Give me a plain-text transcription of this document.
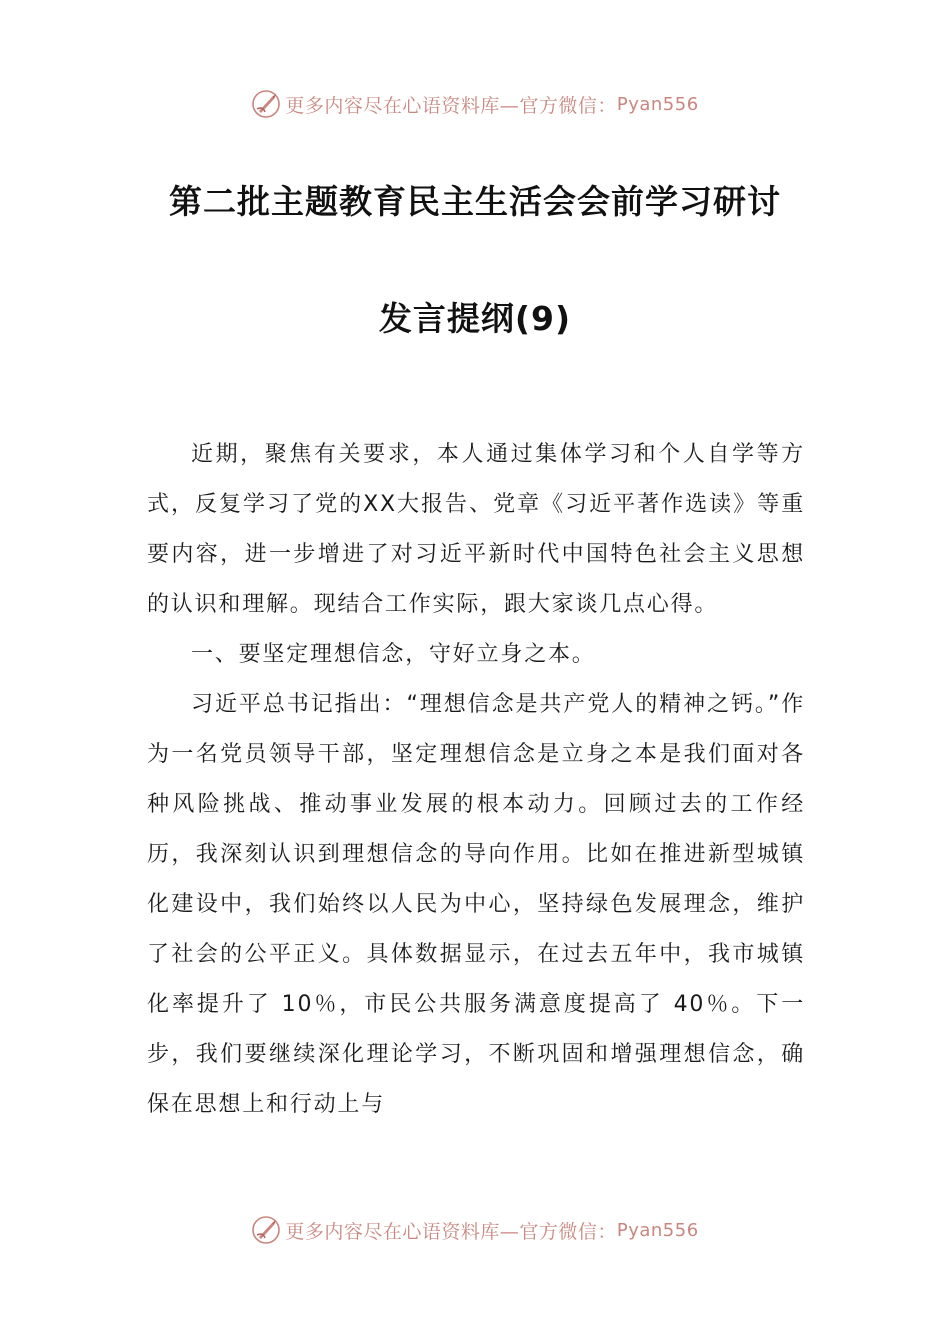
更多内容尽在心语资料库—官方微信： Pyan556
第二批主题教育民主生活会会前学习研讨
发言提纲(9)

近期，聚焦有关要求，本人通过集体学习和个人自学等方式，反复学习了党的XX大报告、党章《习近平著作选读》等重要内容，进一步增进了对习近平新时代中国特色社会主义思想的认识和理解。现结合工作实际，跟大家谈几点心得。

一、要坚定理想信念，守好立身之本。

习近平总书记指出：“理想信念是共产党人的精神之钙。”作为一名党员领导干部，坚定理想信念是立身之本是我们面对各种风险挑战、推动事业发展的根本动力。回顾过去的工作经历，我深刻认识到理想信念的导向作用。比如在推进新型城镇化建设中，我们始终以人民为中心，坚持绿色发展理念，维护了社会的公平正义。具体数据显示，在过去五年中，我市城镇化率提升了 10％，市民公共服务满意度提高了 40％。下一步，我们要继续深化理论学习，不断巩固和增强理想信念，确保在思想上和行动上与

更多内容尽在心语资料库—官方微信： Pyan556
